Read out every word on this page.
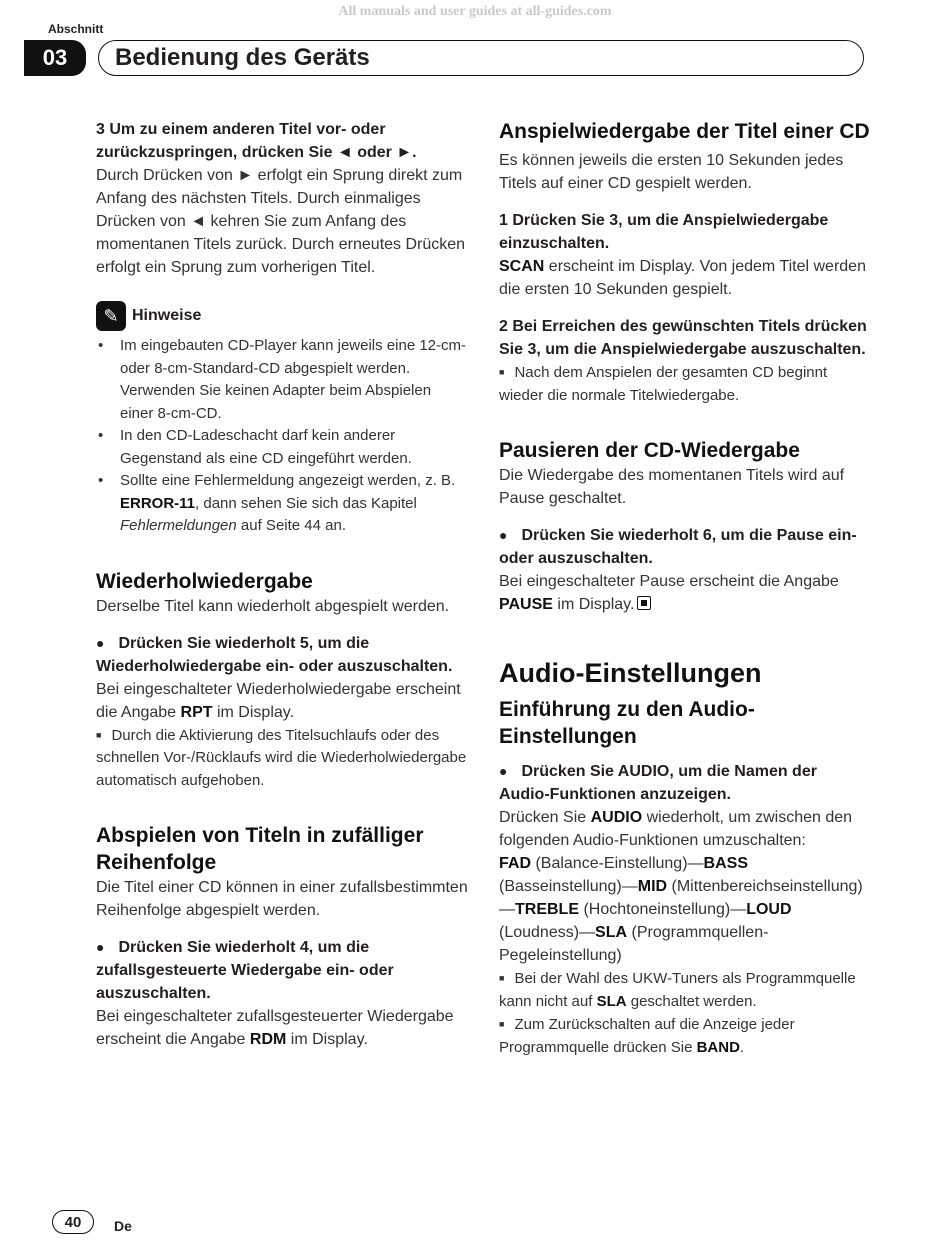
All manuals and user guides at all-guides.com
Abschnitt
03	Bedienung des Geräts

3 Um zu einem anderen Titel vor- oder zurückzuspringen, drücken Sie ◄ oder ►.

Durch Drücken von ► erfolgt ein Sprung direkt zum Anfang des nächsten Titels. Durch einmaliges Drücken von ◄ kehren Sie zum Anfang des momentanen Titels zurück. Durch erneutes Drücken erfolgt ein Sprung zum vorherigen Titel.

✎ Hinweise
• Im eingebauten CD-Player kann jeweils eine 12-cm- oder 8-cm-Standard-CD abgespielt werden. Verwenden Sie keinen Adapter beim Abspielen einer 8-cm-CD.
• In den CD-Ladeschacht darf kein anderer Gegenstand als eine CD eingeführt werden.
• Sollte eine Fehlermeldung angezeigt werden, z. B. ERROR-11, dann sehen Sie sich das Kapitel Fehlermeldungen auf Seite 44 an.
Wiederholwiedergabe

Derselbe Titel kann wiederholt abgespielt werden.

● Drücken Sie wiederholt 5, um die Wiederholwiedergabe ein- oder auszuschalten.

Bei eingeschalteter Wiederholwiedergabe erscheint die Angabe RPT im Display.

■ Durch die Aktivierung des Titelsuchlaufs oder des schnellen Vor-/Rücklaufs wird die Wiederholwiedergabe automatisch aufgehoben.

Abspielen von Titeln in zufälliger Reihenfolge

Die Titel einer CD können in einer zufallsbestimmten Reihenfolge abgespielt werden.

● Drücken Sie wiederholt 4, um die zufallsgesteuerte Wiedergabe ein- oder auszuschalten.

Bei eingeschalteter zufallsgesteuerter Wiedergabe erscheint die Angabe RDM im Display.

Anspielwiedergabe der Titel einer CD

Es können jeweils die ersten 10 Sekunden jedes Titels auf einer CD gespielt werden.

1 Drücken Sie 3, um die Anspielwiedergabe einzuschalten.

SCAN erscheint im Display. Von jedem Titel werden die ersten 10 Sekunden gespielt.

2 Bei Erreichen des gewünschten Titels drücken Sie 3, um die Anspielwiedergabe auszuschalten.

■ Nach dem Anspielen der gesamten CD beginnt wieder die normale Titelwiedergabe.

Pausieren der CD-Wiedergabe

Die Wiedergabe des momentanen Titels wird auf Pause geschaltet.

● Drücken Sie wiederholt 6, um die Pause ein- oder auszuschalten.

Bei eingeschalteter Pause erscheint die Angabe PAUSE im Display.

Audio-Einstellungen
Einführung zu den Audio-Einstellungen

● Drücken Sie AUDIO, um die Namen der Audio-Funktionen anzuzeigen.

Drücken Sie AUDIO wiederholt, um zwischen den folgenden Audio-Funktionen umzuschalten:

FAD (Balance-Einstellung)—BASS (Basseinstellung)—MID (Mittenbereichseinstellung) —TREBLE (Hochtoneinstellung)—LOUD (Loudness)—SLA (Programmquellen-Pegeleinstellung)

■ Bei der Wahl des UKW-Tuners als Programmquelle kann nicht auf SLA geschaltet werden.

■ Zum Zurückschalten auf die Anzeige jeder Programmquelle drücken Sie BAND.

40	De
